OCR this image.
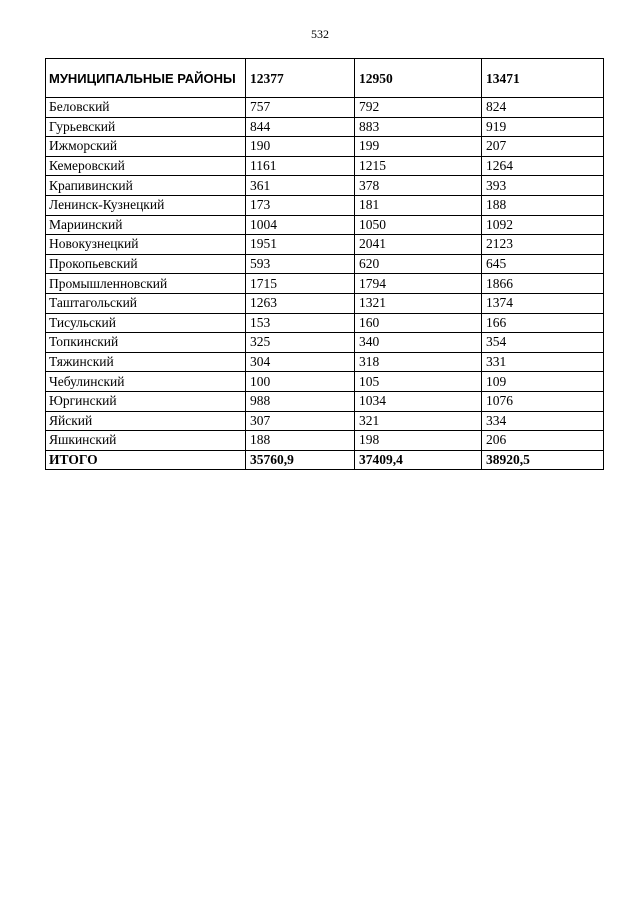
532
МУНИЦИПАЛЬНЫЕ РАЙОНЫ	12377	12950	13471
Беловский	757	792	824
Гурьевский	844	883	919
Ижморский	190	199	207
Кемеровский	1161	1215	1264
Крапивинский	361	378	393
Ленинск-Кузнецкий	173	181	188
Мариинский	1004	1050	1092
Новокузнецкий	1951	2041	2123
Прокопьевский	593	620	645
Промышленновский	1715	1794	1866
Таштагольский	1263	1321	1374
Тисульский	153	160	166
Топкинский	325	340	354
Тяжинский	304	318	331
Чебулинский	100	105	109
Юргинский	988	1034	1076
Яйский	307	321	334
Яшкинский	188	198	206
ИТОГО	35760,9	37409,4	38920,5
